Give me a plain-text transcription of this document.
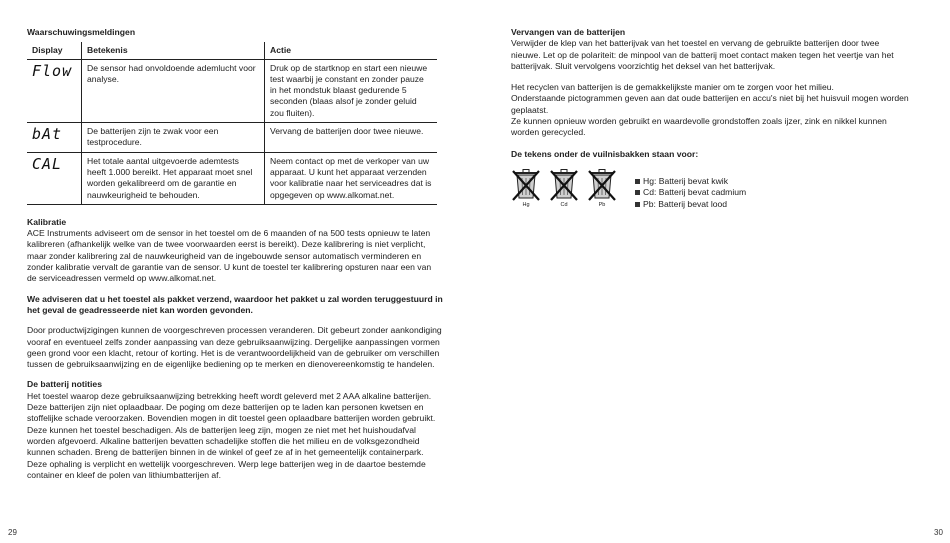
Waarschuwingsmeldingen

Display	Betekenis	Actie
Flow	De sensor had onvoldoende ademlucht voor analyse.	Druk op de startknop en start een nieuwe test waarbij je constant en zonder pauze in het mondstuk blaast gedurende 5 seconden (blaas alsof je zonder geluid zou fluiten).
bAt	De batterijen zijn te zwak voor een testprocedure.	Vervang de batterijen door twee nieuwe.
CAL	Het totale aantal uitgevoerde ademtests heeft 1.000 bereikt. Het apparaat moet snel worden gekalibreerd om de garantie en nauwkeurigheid te behouden.	Neem contact op met de verkoper van uw apparaat. U kunt het apparaat verzenden voor kalibratie naar het serviceadres dat is opgegeven op www.alkomat.net.

Kalibratie

ACE Instruments adviseert om de sensor in het toestel om de 6 maanden of na 500 tests opnieuw te laten kalibreren (afhankelijk welke van de twee voorwaarden eerst is bereikt). Deze kalibrering is niet verplicht, maar zonder kalibrering zal de nauwkeurigheid van de ingebouwde sensor automatisch verminderen en zonder kalibratie vervalt de garantie van de sensor. U kunt de toestel ter kalibrering opsturen naar een van de serviceadressen vermeld op www.alkomat.net.

We adviseren dat u het toestel als pakket verzend, waardoor het pakket u zal worden teruggestuurd in het geval de geadresseerde niet kan worden gevonden.

Door productwijzigingen kunnen de voorgeschreven processen veranderen. Dit gebeurt zonder aankondiging vooraf en eventueel zelfs zonder aanpassing van deze gebruiksaanwijzing. Dergelijke aanpassingen vormen geen grond voor een klacht, retour of korting. Het is de verantwoordelijkheid van de gebruiker om verschillen tussen de gebruiksaanwijzing en de eigenlijke bediening op te merken en dienovereenkomstig te handelen.

De batterij notities

Het toestel waarop deze gebruiksaanwijzing betrekking heeft wordt geleverd met 2 AAA alkaline batterijen. Deze batterijen zijn niet oplaadbaar. De poging om deze batterijen op te laden kan personen kwetsen en stoffelijke schade veroorzaken. Bovendien mogen in dit toestel geen oplaadbare batterijen worden gebruikt. Deze kunnen het toestel beschadigen. Als de batterijen leeg zijn, mogen ze niet met het huishoudafval worden afgevoerd. Alkaline batterijen bevatten schadelijke stoffen die het milieu en de volksgezondheid kunnen schaden. Breng de batterijen binnen in de winkel of geef ze af in het gemeentelijk containerpark. Deze ophaling is verplicht en wettelijk voorgeschreven. Werp lege batterijen weg in de daartoe bestemde container en kleef de polen van lithiumbatterijen af.

29

Vervangen van de batterijen

Verwijder de klep van het batterijvak van het toestel en vervang de gebruikte batterijen door twee nieuwe. Let op de polariteit: de minpool van de batterij moet contact maken tegen het veertje van het batterijvak. Sluit vervolgens voorzichtig het deksel van het batterijvak.

Het recyclen van batterijen is de gemakkelijkste manier om te zorgen voor het milieu.

Onderstaande pictogrammen geven aan dat oude batterijen en accu's niet bij het huisvuil mogen worden geplaatst.

Ze kunnen opnieuw worden gebruikt en waardevolle grondstoffen zoals ijzer, zink en nikkel kunnen

worden gerecycled.

De tekens onder de vuilnisbakken staan voor:

Hg	Cd	Pb
Hg: Batterij bevat kwik
Cd: Batterij bevat cadmium
Pb: Batterij bevat lood
30
